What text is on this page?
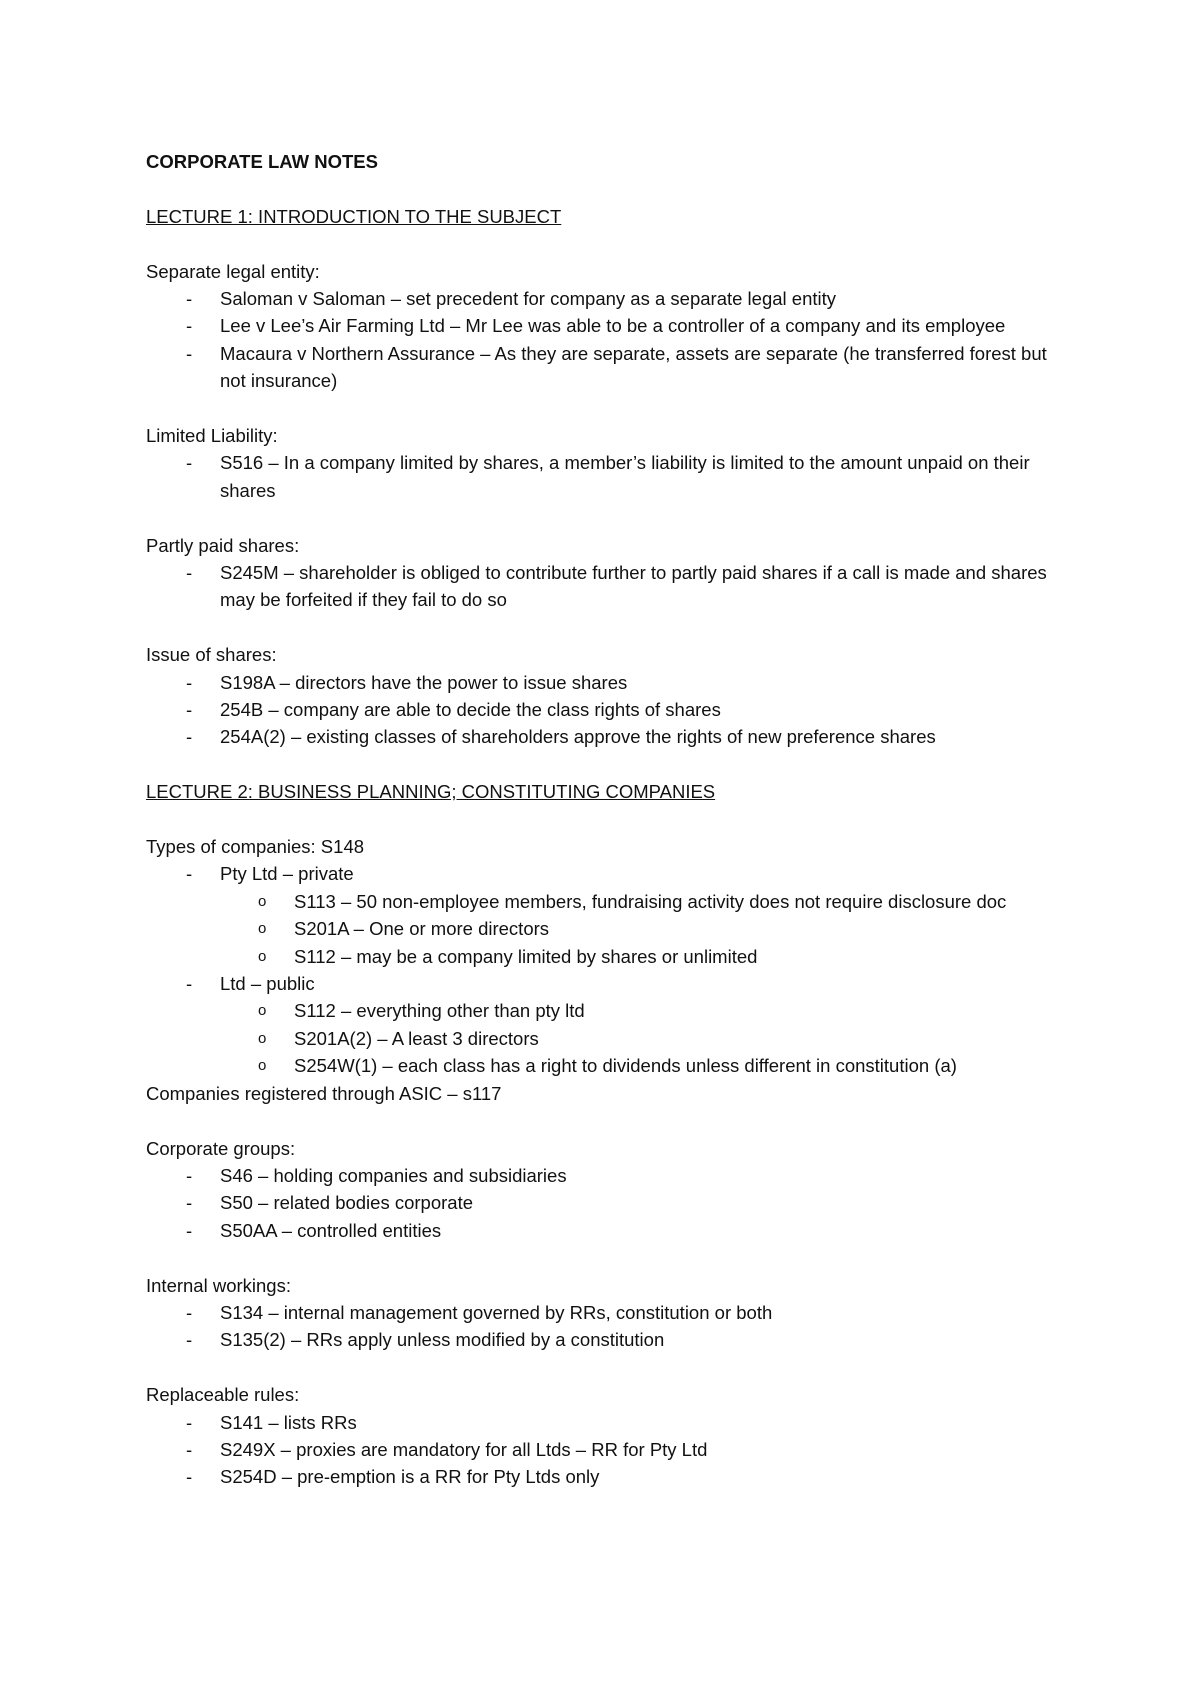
CORPORATE LAW NOTES
LECTURE 1: INTRODUCTION TO THE SUBJECT
Separate legal entity:
- Saloman v Saloman – set precedent for company as a separate legal entity
- Lee v Lee’s Air Farming Ltd – Mr Lee was able to be a controller of a company and its employee
- Macaura v Northern Assurance – As they are separate, assets are separate (he transferred forest but not insurance)
Limited Liability:
- S516 – In a company limited by shares, a member’s liability is limited to the amount unpaid on their shares
Partly paid shares:
- S245M – shareholder is obliged to contribute further to partly paid shares if a call is made and shares may be forfeited if they fail to do so
Issue of shares:
- S198A – directors have the power to issue shares
- 254B – company are able to decide the class rights of shares
- 254A(2) – existing classes of shareholders approve the rights of new preference shares
LECTURE 2: BUSINESS PLANNING; CONSTITUTING COMPANIES
Types of companies: S148
- Pty Ltd – private
o S113 – 50 non-employee members, fundraising activity does not require disclosure doc
o S201A – One or more directors
o S112 – may be a company limited by shares or unlimited
- Ltd – public
o S112 – everything other than pty ltd
o S201A(2) – A least 3 directors
o S254W(1) – each class has a right to dividends unless different in constitution (a)
Companies registered through ASIC – s117
Corporate groups:
- S46 – holding companies and subsidiaries
- S50 – related bodies corporate
- S50AA – controlled entities
Internal workings:
- S134 – internal management governed by RRs, constitution or both
- S135(2) – RRs apply unless modified by a constitution
Replaceable rules:
- S141 – lists RRs
- S249X – proxies are mandatory for all Ltds – RR for Pty Ltd
- S254D – pre-emption is a RR for Pty Ltds only
